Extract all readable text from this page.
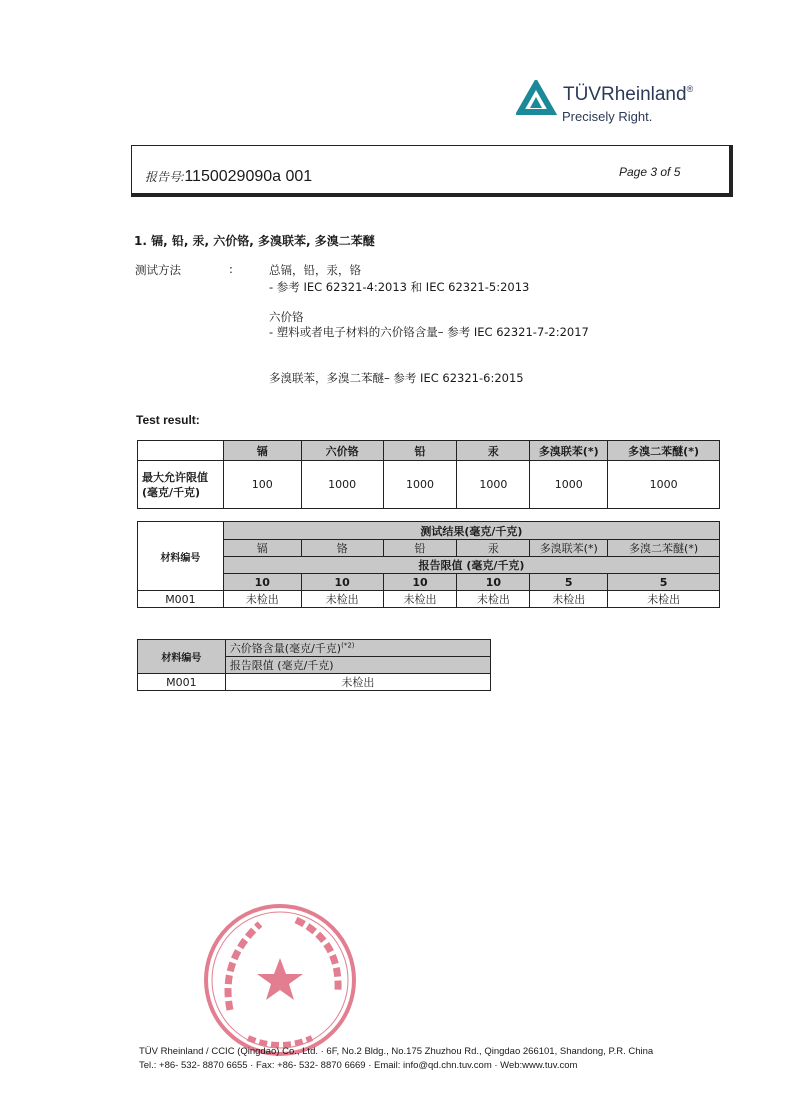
TÜVRheinland®
Precisely Right.
报告号:1150029090a 001	Page 3 of 5
1. 镉, 铅, 汞, 六价铬, 多溴联苯, 多溴二苯醚
测试方法	:	总镉，铅，汞，铬
- 参考 IEC 62321-4:2013 和 IEC 62321-5:2013
六价铬
- 塑料或者电子材料的六价铬含量– 参考 IEC 62321-7-2:2017
多溴联苯，多溴二苯醚– 参考 IEC 62321-6:2015
Test result:
	镉	六价铬	铅	汞	多溴联苯(*)	多溴二苯醚(*)
最大允许限值(毫克/千克)	100	1000	1000	1000	1000	1000
材料编号	测试结果(毫克/千克)					
	镉	铬	铅	汞	多溴联苯(*)	多溴二苯醚(*)
	报告限值 (毫克/千克)					
	10	10	10	10	5	5
M001	未检出	未检出	未检出	未检出	未检出	未检出
材料编号	六价铬含量(毫克/千克)$^{(*2)}$
	报告限值 (毫克/千克)
M001	未检出
TÜV Rheinland / CCIC (Qingdao) Co., Ltd. · 6F, No.2 Bldg., No.175 Zhuzhou Rd., Qingdao 266101, Shandong, P.R. China
Tel.: +86- 532- 8870 6655 · Fax: +86- 532- 8870 6669 · Email: info@qd.chn.tuv.com · Web:www.tuv.com
